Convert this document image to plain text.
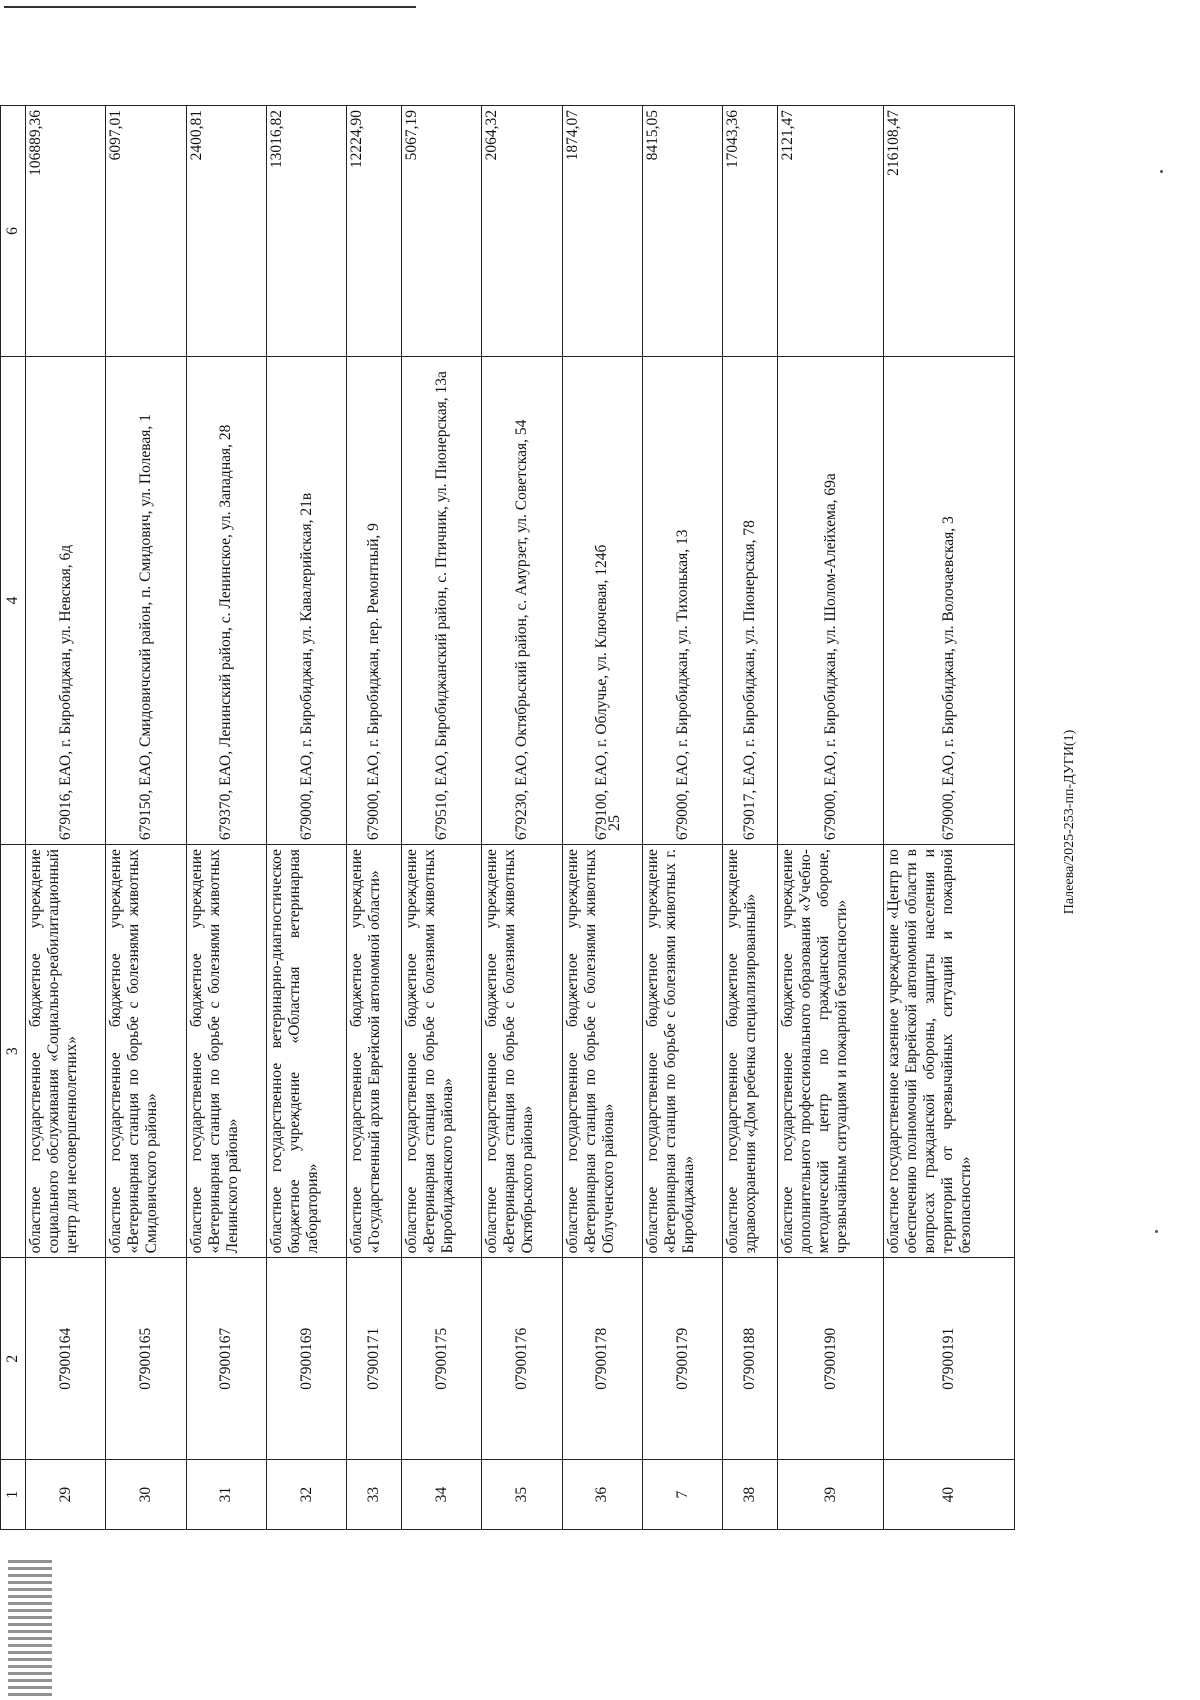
25	Палеева/2025-253-пп-ДУГИ(1)
1	2	3	4	6
29	07900164	областное государственное бюджетное учреждение социального обслуживания «Социально-реабилитационный центр для несовершеннолетних»	679016, ЕАО, г. Биробиджан, ул. Невская, 6д	106889,36
30	07900165	областное государственное бюджетное учреждение «Ветеринарная станция по борьбе с болезнями животных Смидовичского района»	679150, ЕАО, Смидовичский район, п. Смидович, ул. Полевая, 1	6097,01
31	07900167	областное государственное бюджетное учреждение «Ветеринарная станция по борьбе с болезнями животных Ленинского района»	679370, ЕАО, Ленинский район, с. Ленинское, ул. Западная, 28	2400,81
32	07900169	областное государственное ветеринарно-диагностическое бюджетное учреждение «Областная ветеринарная лаборатория»	679000, ЕАО, г. Биробиджан, ул. Кавалерийская, 21в	13016,82
33	07900171	областное государственное бюджетное учреждение «Государственный архив Еврейской автономной области»	679000, ЕАО, г. Биробиджан, пер. Ремонтный, 9	12224,90
34	07900175	областное государственное бюджетное учреждение «Ветеринарная станция по борьбе с болезнями животных Биробиджанского района»	679510, ЕАО, Биробиджанский район, с. Птичник, ул. Пионерская, 13а	5067,19
35	07900176	областное государственное бюджетное учреждение «Ветеринарная станция по борьбе с болезнями животных Октябрьского района»	679230, ЕАО, Октябрьский район, с. Амурзет, ул. Советская, 54	2064,32
36	07900178	областное государственное бюджетное учреждение «Ветеринарная станция по борьбе с болезнями животных Облученского района»	679100, ЕАО, г. Облучье, ул. Ключевая, 124б	1874,07
7	07900179	областное государственное бюджетное учреждение «Ветеринарная станция по борьбе с болезнями животных г. Биробиджана»	679000, ЕАО, г. Биробиджан, ул. Тихонькая, 13	8415,05
38	07900188	областное государственное бюджетное учреждение здравоохранения «Дом ребенка специализированный»	679017, ЕАО, г. Биробиджан, ул. Пионерская, 78	17043,36
39	07900190	областное государственное бюджетное учреждение дополнительного профессионального образования «Учебно-методический центр по гражданской обороне, чрезвычайным ситуациям и пожарной безопасности»	679000, ЕАО, г. Биробиджан, ул. Шолом-Алейхема, 69а	2121,47
40	07900191	областное государственное казенное учреждение «Центр по обеспечению полномочий Еврейской автономной области в вопросах гражданской обороны, защиты населения и территорий от чрезвычайных ситуаций и пожарной безопасности»	679000, ЕАО, г. Биробиджан, ул. Волочаевская, 3	216108,47
